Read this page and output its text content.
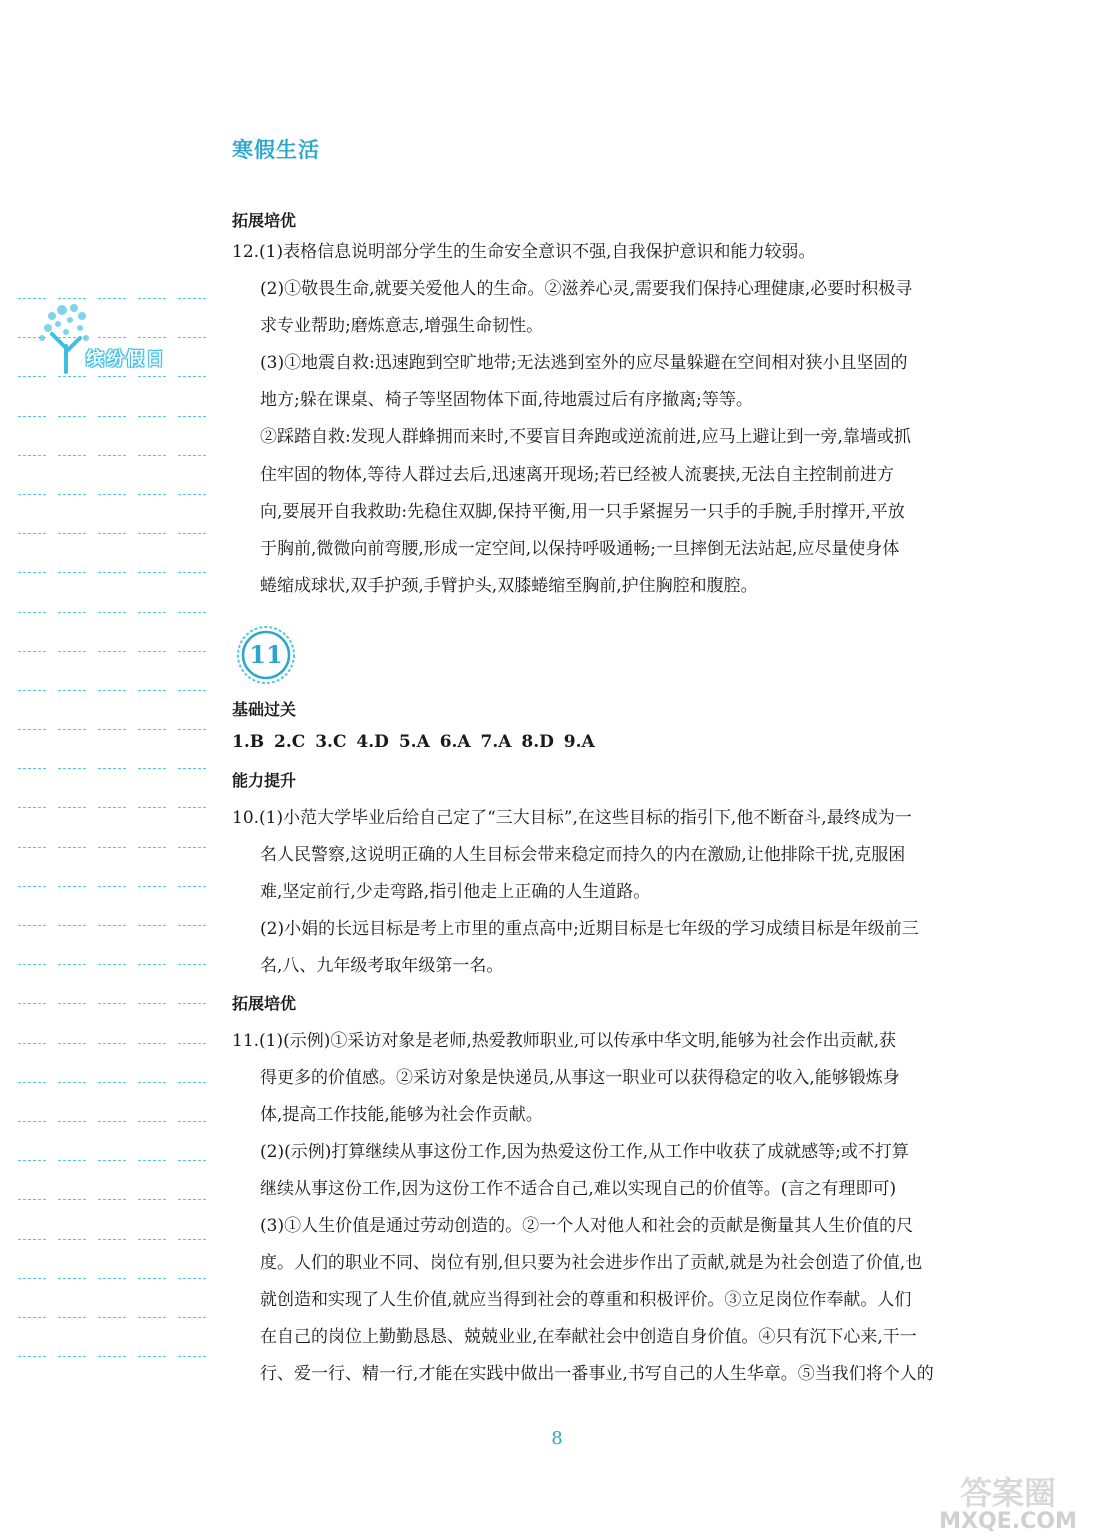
寒假生活
缤纷假日
拓展培优
12.(1)表格信息说明部分学生的生命安全意识不强,自我保护意识和能力较弱。
(2)①敬畏生命,就要关爱他人的生命。②滋养心灵,需要我们保持心理健康,必要时积极寻
求专业帮助;磨炼意志,增强生命韧性。
(3)①地震自救:迅速跑到空旷地带;无法逃到室外的应尽量躲避在空间相对狭小且坚固的
地方;躲在课桌、椅子等坚固物体下面,待地震过后有序撤离;等等。
②踩踏自救:发现人群蜂拥而来时,不要盲目奔跑或逆流前进,应马上避让到一旁,靠墙或抓
住牢固的物体,等待人群过去后,迅速离开现场;若已经被人流裹挟,无法自主控制前进方
向,要展开自我救助:先稳住双脚,保持平衡,用一只手紧握另一只手的手腕,手肘撑开,平放
于胸前,微微向前弯腰,形成一定空间,以保持呼吸通畅;一旦摔倒无法站起,应尽量使身体
蜷缩成球状,双手护颈,手臂护头,双膝蜷缩至胸前,护住胸腔和腹腔。
基础过关
1.B 2.C 3.C 4.D 5.A 6.A 7.A 8.D 9.A
能力提升
10.(1)小范大学毕业后给自己定了“三大目标”,在这些目标的指引下,他不断奋斗,最终成为一
名人民警察,这说明正确的人生目标会带来稳定而持久的内在激励,让他排除干扰,克服困
难,坚定前行,少走弯路,指引他走上正确的人生道路。
(2)小娟的长远目标是考上市里的重点高中;近期目标是七年级的学习成绩目标是年级前三
名,八、九年级考取年级第一名。
拓展培优
11.(1)(示例)①采访对象是老师,热爱教师职业,可以传承中华文明,能够为社会作出贡献,获
得更多的价值感。②采访对象是快递员,从事这一职业可以获得稳定的收入,能够锻炼身
体,提高工作技能,能够为社会作贡献。
(2)(示例)打算继续从事这份工作,因为热爱这份工作,从工作中收获了成就感等;或不打算
继续从事这份工作,因为这份工作不适合自己,难以实现自己的价值等。(言之有理即可)
(3)①人生价值是通过劳动创造的。②一个人对他人和社会的贡献是衡量其人生价值的尺
度。人们的职业不同、岗位有别,但只要为社会进步作出了贡献,就是为社会创造了价值,也
就创造和实现了人生价值,就应当得到社会的尊重和积极评价。③立足岗位作奉献。人们
在自己的岗位上勤勤恳恳、兢兢业业,在奉献社会中创造自身价值。④只有沉下心来,干一
行、爱一行、精一行,才能在实践中做出一番事业,书写自己的人生华章。⑤当我们将个人的
11
8
答案圈
MXQE.COM
